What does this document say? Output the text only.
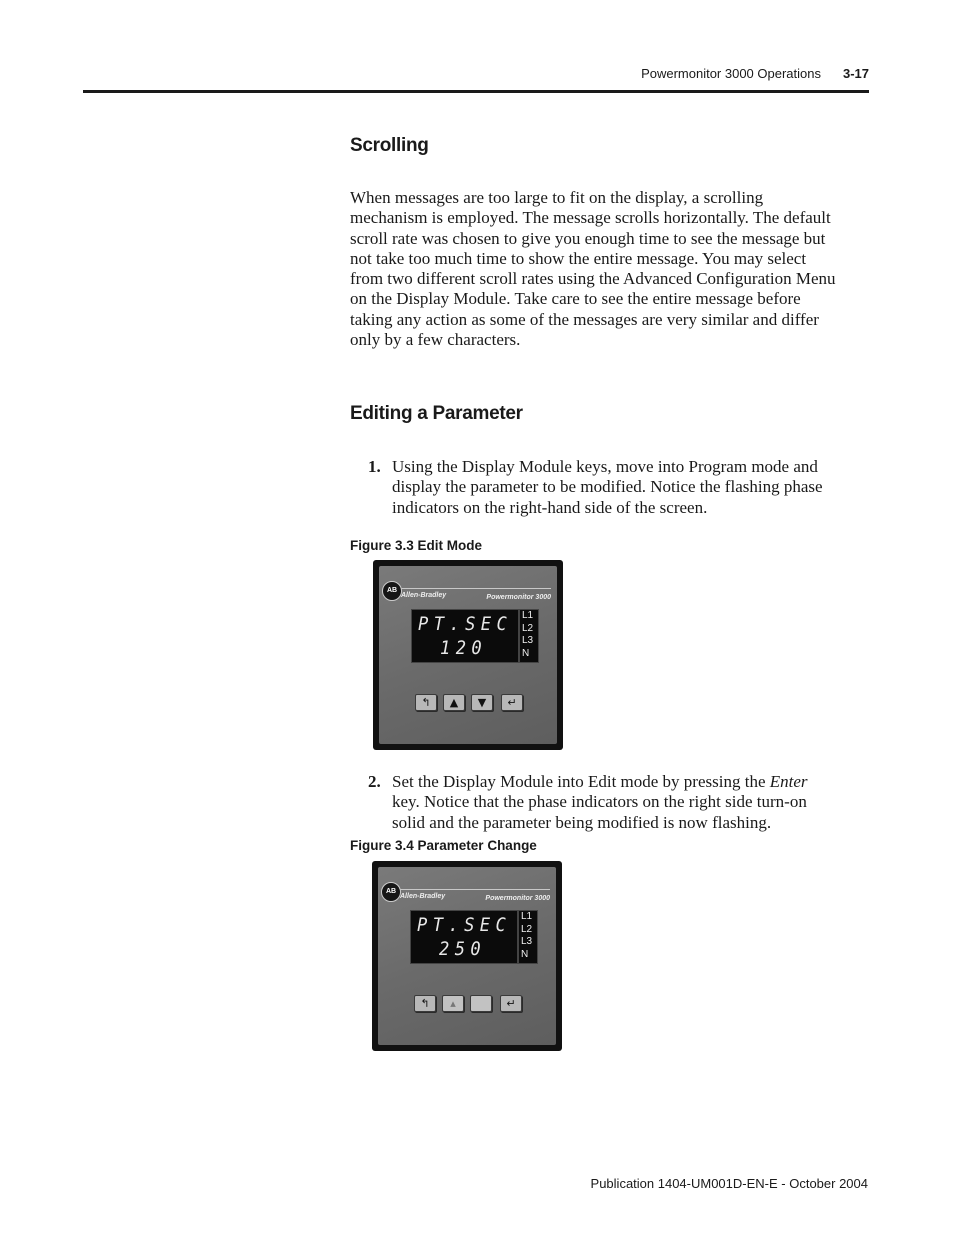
Powermonitor 3000 Operations 3-17
Scrolling
When messages are too large to fit on the display, a scrolling
mechanism is employed. The message scrolls horizontally. The default
scroll rate was chosen to give you enough time to see the message but
not take too much time to show the entire message. You may select
from two different scroll rates using the Advanced Configuration Menu
on the Display Module. Take care to see the entire message before
taking any action as some of the messages are very similar and differ
only by a few characters.
Editing a Parameter
1. Using the Display Module keys, move into Program mode and
display the parameter to be modified. Notice the flashing phase
indicators on the right-hand side of the screen.
Figure 3.3 Edit Mode
AB
Allen-Bradley	Powermonitor 3000
PT.SEC
120
L1
L2
L3
N
↰	▲	▼	↵
2. Set the Display Module into Edit mode by pressing the Enter
key. Notice that the phase indicators on the right side turn-on
solid and the parameter being modified is now flashing.
Figure 3.4 Parameter Change
AB
Allen-Bradley	Powermonitor 3000
PT.SEC
250
L1
L2
L3
N
↰	▴	↵
Publication 1404-UM001D-EN-E - October 2004
